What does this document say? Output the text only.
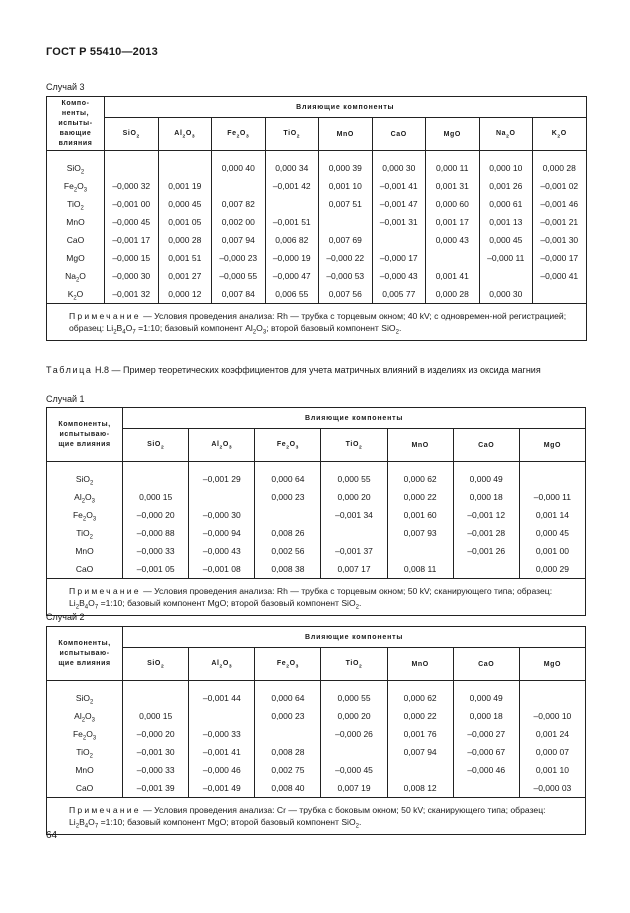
ГОСТ Р 55410—2013
Случай 3
Компо-
ненты,
испыты-
вающие
влияния	Влияющие компоненты								
	SiO$_2$	$Al_2O_3$	$Fe_2O_3$	TiO$_2$	MnO	CaO	MgO	$Na_2O$	$K_2O$

SiO$_2$			0,000 40	0,000 34	0,000 39	0,000 30	0,000 11	0,000 10	0,000 28
$Fe_2O_3$	–0,000 32	0,001 19		–0,001 42	0,001 10	–0,001 41	0,001 31	0,001 26	–0,001 02
TiO$_2$	–0,001 00	0,000 45	0,007 82		0,007 51	–0,001 47	0,000 60	0,000 61	–0,001 46
MnO	–0,000 45	0,001 05	0,002 00	–0,001 51		–0,001 31	0,001 17	0,001 13	–0,001 21
CaO	–0,001 17	0,000 28	0,007 94	0,006 82	0,007 69		0,000 43	0,000 45	–0,001 30
MgO	–0,000 15	0,001 51	–0,000 23	–0,000 19	–0,000 22	–0,000 17		–0,000 11	–0,000 17
$Na_2O$	–0,000 30	0,001 27	–0,000 55	–0,000 47	–0,000 53	–0,000 43	0,001 41		–0,000 41
$K_2O$	–0,001 32	0,000 12	0,007 84	0,006 55	0,007 56	0,005 77	0,000 28	0,000 30	

Примечание — Условия проведения анализа: Rh — трубка с торцевым окном; 40 kV; с одновремен-ной регистрацией; образец: $Li_2B_4O_7$ =1:10; базовый компонент $Al_2O_3$; второй базовый компонент SiO$_2$.									
Таблица Н.8 — Пример теоретических коэффициентов для учета матричных влияний в изделиях из оксида магния
Случай 1
Компоненты,
испытываю-
щие влияния	Влияющие компоненты						
	SiO$_2$	$Al_2O_3$	$Fe_2O_3$	TiO$_2$	MnO	CaO	MgO

SiO$_2$		–0,001 29	0,000 64	0,000 55	0,000 62	0,000 49	
$Al_2O_3$	0,000 15		0,000 23	0,000 20	0,000 22	0,000 18	–0,000 11
$Fe_2O_3$	–0,000 20	–0,000 30		–0,001 34	0,001 60	–0,001 12	0,001 14
TiO$_2$	–0,000 88	–0,000 94	0,008 26		0,007 93	–0,001 28	0,000 45
MnO	–0,000 33	–0,000 43	0,002 56	–0,001 37		–0,001 26	0,001 00
CaO	–0,001 05	–0,001 08	0,008 38	0,007 17	0,008 11		0,000 29

Примечание — Условия проведения анализа: Rh — трубка с торцевым окном; 50 kV; сканирующего типа; образец: $Li_2B_4O_7$ =1:10; базовый компонент MgO; второй базовый компонент SiO$_2$.							
Случай 2
Компоненты,
испытываю-
щие влияния	Влияющие компоненты						
	SiO$_2$	$Al_2O_3$	$Fe_2O_3$	TiO$_2$	MnO	CaO	MgO

SiO$_2$		–0,001 44	0,000 64	0,000 55	0,000 62	0,000 49	
$Al_2O_3$	0,000 15		0,000 23	0,000 20	0,000 22	0,000 18	–0,000 10
$Fe_2O_3$	–0,000 20	–0,000 33		–0,000 26	0,001 76	–0,000 27	0,001 24
TiO$_2$	–0,001 30	–0,001 41	0,008 28		0,007 94	–0,000 67	0,000 07
MnO	–0,000 33	–0,000 46	0,002 75	–0,000 45		–0,000 46	0,001 10
CaO	–0,001 39	–0,001 49	0,008 40	0,007 19	0,008 12		–0,000 03

Примечание — Условия проведения анализа: Cr — трубка с боковым окном; 50 kV; сканирующего типа; образец: $Li_2B_4O_7$ =1:10; базовый компонент MgO; второй базовый компонент SiO$_2$.							
64
